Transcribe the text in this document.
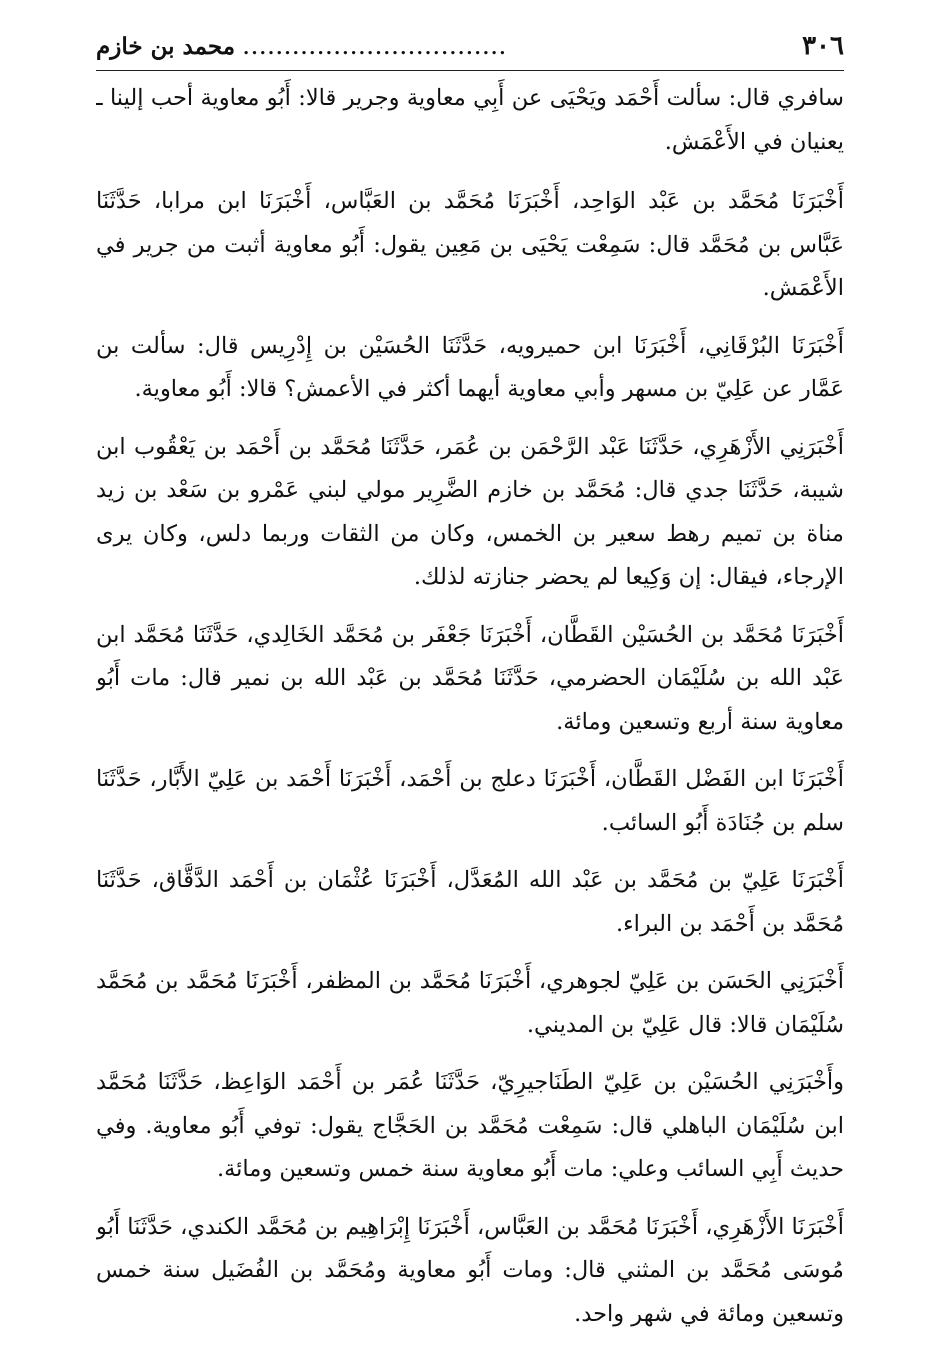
٣٠٦
................................
محمد بن خازم

سافري قال: سألت أَحْمَد ويَحْيَى عن أَبِي معاوية وجرير قالا: أَبُو معاوية أحب إلينا ـ يعنيان في الأَعْمَش.

أَخْبَرَنَا مُحَمَّد بن عَبْد الوَاحِد، أَخْبَرَنَا مُحَمَّد بن العَبَّاس، أَخْبَرَنَا ابن مرابا، حَدَّثَنَا عَبَّاس بن مُحَمَّد قال: سَمِعْت يَحْيَى بن مَعِين يقول: أَبُو معاوية أثبت من جرير في الأَعْمَش.

أَخْبَرَنَا البُرْقَانِي، أَخْبَرَنَا ابن حميرويه، حَدَّثَنَا الحُسَيْن بن إِدْرِيس قال: سألت بن عَمَّار عن عَلِيّ بن مسهر وأبي معاوية أيهما أكثر في الأعمش؟ قالا: أَبُو معاوية.

أَخْبَرَنِي الأَزْهَرِي، حَدَّثَنَا عَبْد الرَّحْمَن بن عُمَر، حَدَّثَنَا مُحَمَّد بن أَحْمَد بن يَعْقُوب ابن شيبة، حَدَّثَنَا جدي قال: مُحَمَّد بن خازم الضَّرِير مولي لبني عَمْرو بن سَعْد بن زيد مناة بن تميم رهط سعير بن الخمس، وكان من الثقات وربما دلس، وكان يرى الإرجاء، فيقال: إن وَكِيعا لم يحضر جنازته لذلك.

أَخْبَرَنَا مُحَمَّد بن الحُسَيْن القَطَّان، أَخْبَرَنَا جَعْفَر بن مُحَمَّد الخَالِدي، حَدَّثَنَا مُحَمَّد ابن عَبْد الله بن سُلَيْمَان الحضرمي، حَدَّثَنَا مُحَمَّد بن عَبْد الله بن نمير قال: مات أَبُو معاوية سنة أربع وتسعين ومائة.

أَخْبَرَنَا ابن الفَضْل القَطَّان، أَخْبَرَنَا دعلج بن أَحْمَد، أَخْبَرَنَا أَحْمَد بن عَلِيّ الأَبَّار، حَدَّثَنَا سلم بن جُنَادَة أَبُو السائب.

أَخْبَرَنَا عَلِيّ بن مُحَمَّد بن عَبْد الله المُعَدَّل، أَخْبَرَنَا عُثْمَان بن أَحْمَد الدَّقَّاق، حَدَّثَنَا مُحَمَّد بن أَحْمَد بن البراء.

أَخْبَرَنِي الحَسَن بن عَلِيّ لجوهري، أَخْبَرَنَا مُحَمَّد بن المظفر، أَخْبَرَنَا مُحَمَّد بن مُحَمَّد سُلَيْمَان قالا: قال عَلِيّ بن المديني.

وأَخْبَرَنِي الحُسَيْن بن عَلِيّ الطَنَاجيرِيّ، حَدَّثَنَا عُمَر بن أَحْمَد الوَاعِظ، حَدَّثَنَا مُحَمَّد ابن سُلَيْمَان الباهلي قال: سَمِعْت مُحَمَّد بن الحَجَّاج يقول: توفي أَبُو معاوية. وفي حديث أَبِي السائب وعلي: مات أَبُو معاوية سنة خمس وتسعين ومائة.

أَخْبَرَنَا الأَزْهَرِي، أَخْبَرَنَا مُحَمَّد بن العَبَّاس، أَخْبَرَنَا إِبْرَاهِيم بن مُحَمَّد الكندي، حَدَّثَنَا أَبُو مُوسَى مُحَمَّد بن المثني قال: ومات أَبُو معاوية ومُحَمَّد بن الفُضَيل سنة خمس وتسعين ومائة في شهر واحد.
